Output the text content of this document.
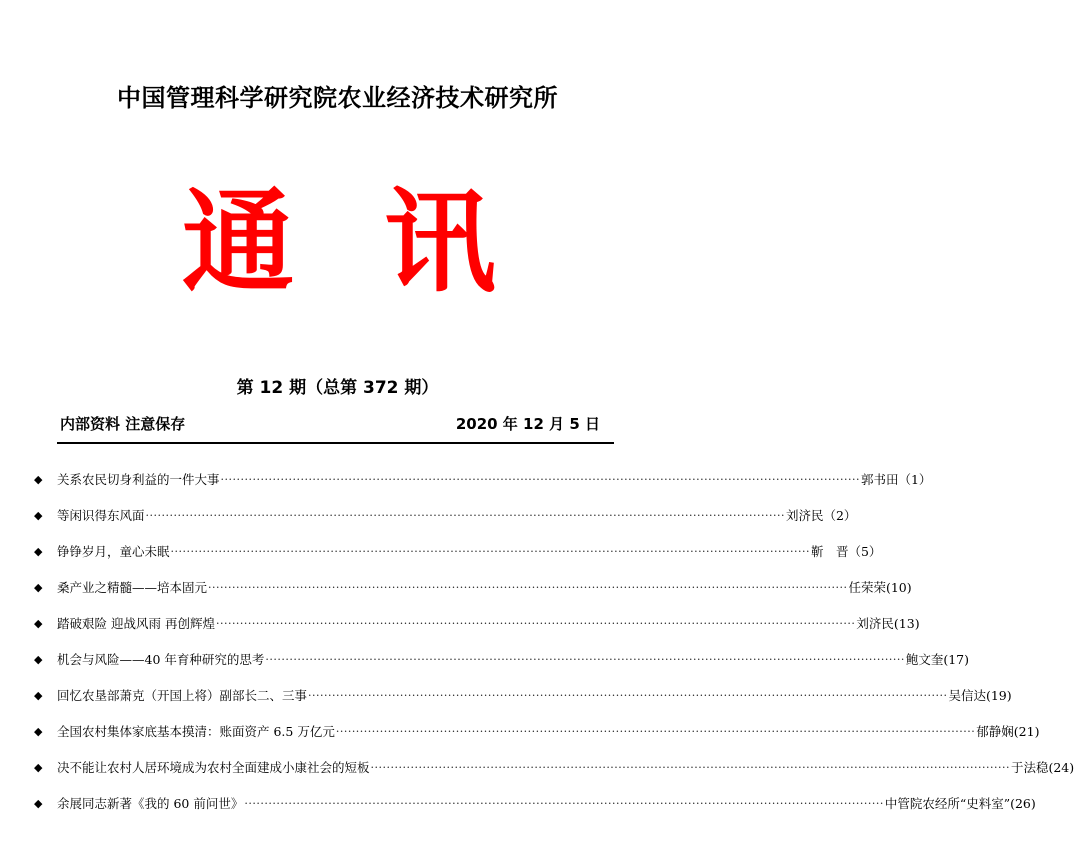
中国管理科学研究院农业经济技术研究所
通 讯
第 12 期（总第 372 期）
内部资料 注意保存	2020 年 12 月 5 日
◆	关系农民切身利益的一件大事 ································································································································································ 郭书田（1）
◆	等闲识得东风面 ································································································································································ 刘济民（2）
◆	铮铮岁月，童心未眠 ································································································································································ 靳　晋（5）
◆	桑产业之精髓——培本固元 ································································································································································ 任荣荣(10)
◆	踏破艰险 迎战风雨 再创辉煌 ································································································································································ 刘济民(13)
◆	机会与风险——40 年育种研究的思考 ································································································································································ 鲍文奎(17)
◆	回忆农垦部萧克（开国上将）副部长二、三事 ································································································································································ 吴信达(19)
◆	全国农村集体家底基本摸清：账面资产 6.5 万亿元 ································································································································································ 郁静娴(21)
◆	决不能让农村人居环境成为农村全面建成小康社会的短板 ································································································································································ 于法稳(24)
◆	余展同志新著《我的 60 前问世》 ································································································································································ 中管院农经所“史料室”(26)
